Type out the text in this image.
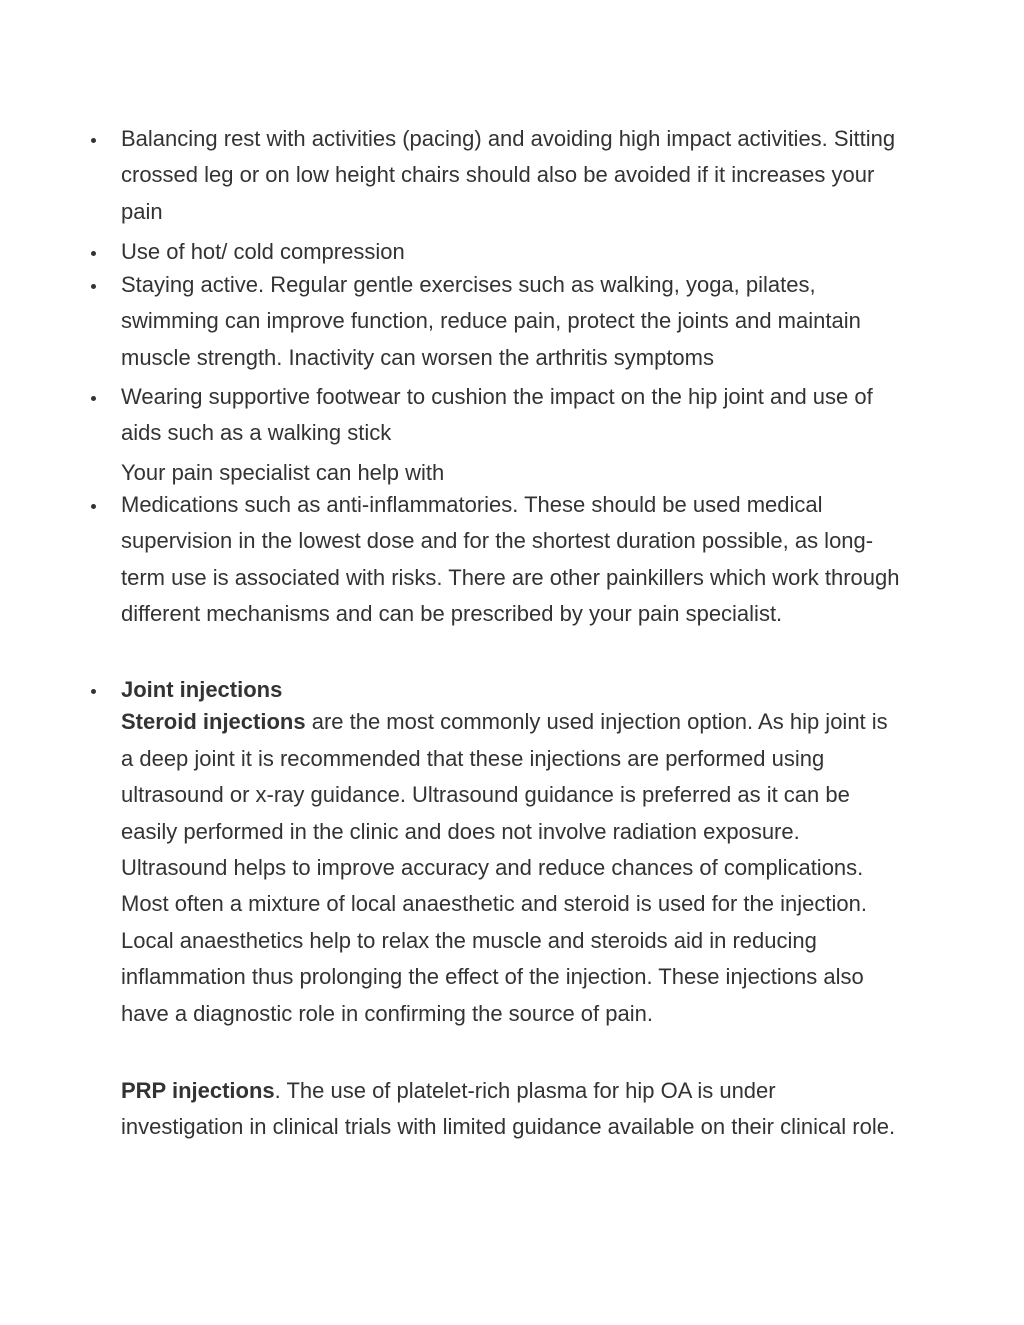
Balancing rest with activities (pacing) and avoiding high impact activities. Sitting crossed leg or on low height chairs should also be avoided if it increases your pain

Use of hot/ cold compression

Staying active. Regular gentle exercises such as walking, yoga, pilates, swimming can improve function, reduce pain, protect the joints and maintain muscle strength. Inactivity can worsen the arthritis symptoms

Wearing supportive footwear to cushion the impact on the hip joint and use of aids such as a walking stick

Your pain specialist can help with

Medications such as anti-inflammatories. These should be used medical supervision in the lowest dose and for the shortest duration possible, as long-term use is associated with risks. There are other painkillers which work through different mechanisms and can be prescribed by your pain specialist.

Joint injections
Steroid injections are the most commonly used injection option. As hip joint is a deep joint it is recommended that these injections are performed using ultrasound or x-ray guidance. Ultrasound guidance is preferred as it can be easily performed in the clinic and does not involve radiation exposure. Ultrasound helps to improve accuracy and reduce chances of complications. Most often a mixture of local anaesthetic and steroid is used for the injection. Local anaesthetics help to relax the muscle and steroids aid in reducing inflammation thus prolonging the effect of the injection. These injections also have a diagnostic role in confirming the source of pain.

PRP injections. The use of platelet-rich plasma for hip OA is under investigation in clinical trials with limited guidance available on their clinical role.
